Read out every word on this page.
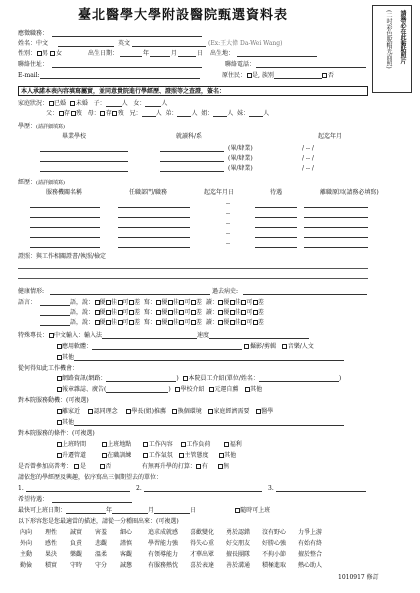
臺北醫學大學附設醫院甄選資料表	請務必在此黏貼照片
(二吋彩色脫帽光面照)
應徵職務：
姓名：中文	英文	(Ex:王大偉 Da-Wei Wang)
性別： 男 女	出生日期：	年	月	日 出生地：
聯絡住址：	聯絡電話：
E-mail:	原住民： 是, 族別	否
本人承諾本表內容填寫屬實，並同意貴院進行學經歷、證照等之查證，簽名：
家庭狀況： 已婚 未婚 子：	人 女：	人
父： 存 歿 母： 存 歿 兄： 人 弟： 人 姐： 人 妹： 人
學歷：(請詳細填寫)
畢業學校	就讀科/系	起迄年月
(畢/肄業)	/ -- /
(畢/肄業)	/ -- /
(畢/肄業)	/ -- /
經歷：(請詳細填寫)
服務機關名稱	任職部門/職務	起迄年月日	待遇	離職原因(請務必填寫)
--
--
--
--
--
證照：與工作相關證書/執照/檢定
健康情形:	過去病史:
語言：	語，說： 優 佳 可 差 寫： 優 佳 可 差 讀： 優 佳 可 差
語，說： 優 佳 可 差 寫： 優 佳 可 差 讀： 優 佳 可 差
語，說： 優 佳 可 差 寫： 優 佳 可 差 讀： 優 佳 可 差
特殊專長： 中文輸入：輸入法	速度
應用軟體：	攝影/剪輯 音樂/人文
其他
從何得知此工作機會：
網路資訊(網路：	)  本院員工介紹(單位/姓名：	)
報章雜誌、廣告(	)  學校介紹 元運自薦 其他
對本院服務動機：(可複選)
離家近 認同理念 學長(姐)推薦 換個環境 家庭經濟需要 醫學
其他
對本院服務的條件：(可複選)
上班時間	上班地點	工作內容 工作負荷	福利
升遷管道	在職訓練	工作氣氛 主管態度	其他
是否曾參加高普考： 是	否	有無再升學的打算： 有	無
請依您的學經歷及興趣，依序寫出三個期望去的單位：
1.	2.	3.
希望待遇：
最快可上班日期：	年	月	日	隨時可上班
以下形容您是您最適當的描述，請從一分種圈出來：(可複選)
內向 理性 誠實 害羞 細心	追求成就感 喜歡變化 勇於認錯 沒有野心 力爭上游
外向 感性 負責 悲觀 謹慎	學習能力強 得失心重 好交朋友 好勝心強 有始有終
主動 果決 樂觀 溫柔 客觀	有領導能力 才華出眾 擅長團隊 不拘小節 擅於整合
勤儉 積實 守時 守分 誠懇	有服務熱忱 喜於表達 善於溝通 積極進取 熱心助人
1010917 修訂
